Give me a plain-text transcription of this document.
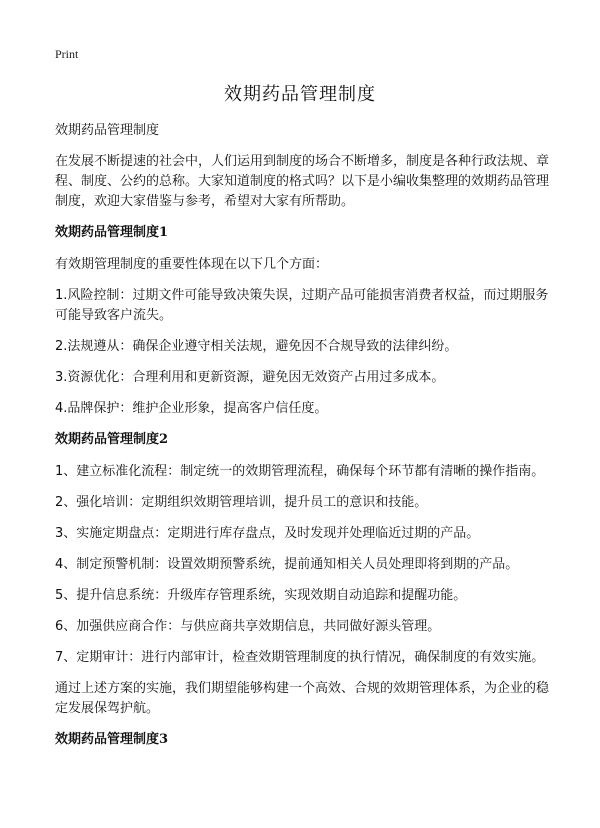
Print
效期药品管理制度

效期药品管理制度

在发展不断提速的社会中，人们运用到制度的场合不断增多，制度是各种行政法规、章程、制度、公约的总称。大家知道制度的格式吗？以下是小编收集整理的效期药品管理制度，欢迎大家借鉴与参考，希望对大家有所帮助。

效期药品管理制度1

有效期管理制度的重要性体现在以下几个方面：

1.风险控制：过期文件可能导致决策失误，过期产品可能损害消费者权益，而过期服务可能导致客户流失。

2.法规遵从：确保企业遵守相关法规，避免因不合规导致的法律纠纷。

3.资源优化：合理利用和更新资源，避免因无效资产占用过多成本。

4.品牌保护：维护企业形象，提高客户信任度。

效期药品管理制度2

1、建立标准化流程：制定统一的效期管理流程，确保每个环节都有清晰的操作指南。

2、强化培训：定期组织效期管理培训，提升员工的意识和技能。

3、实施定期盘点：定期进行库存盘点，及时发现并处理临近过期的产品。

4、制定预警机制：设置效期预警系统，提前通知相关人员处理即将到期的产品。

5、提升信息系统：升级库存管理系统，实现效期自动追踪和提醒功能。

6、加强供应商合作：与供应商共享效期信息，共同做好源头管理。

7、定期审计：进行内部审计，检查效期管理制度的执行情况，确保制度的有效实施。

通过上述方案的实施，我们期望能够构建一个高效、合规的效期管理体系，为企业的稳定发展保驾护航。

效期药品管理制度3
